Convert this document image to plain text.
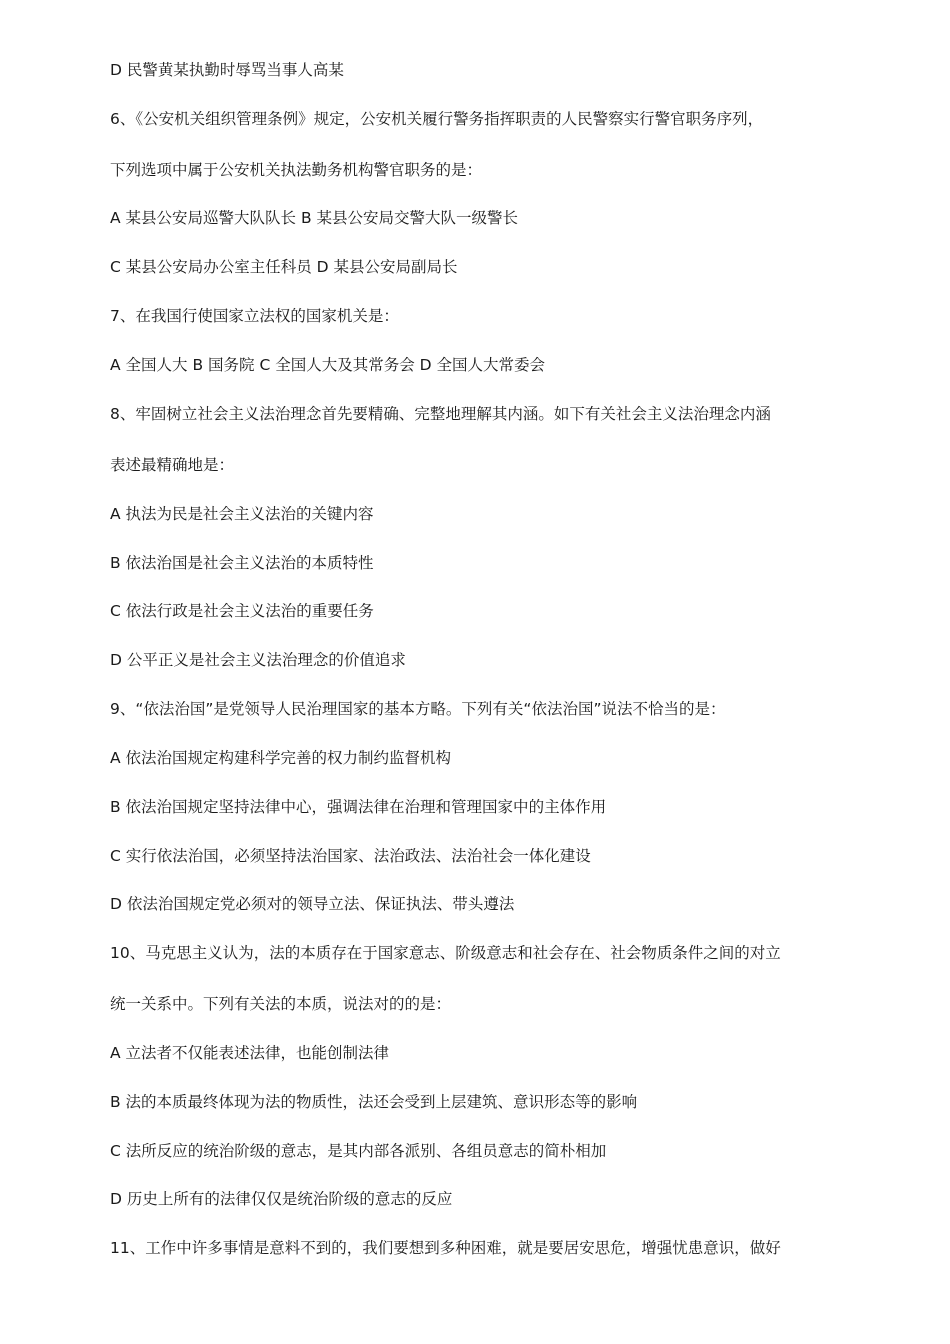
D 民警黄某执勤时辱骂当事人高某
6、《公安机关组织管理条例》规定，公安机关履行警务指挥职责的人民警察实行警官职务序列，
下列选项中属于公安机关执法勤务机构警官职务的是：
A 某县公安局巡警大队队长 B 某县公安局交警大队一级警长
C 某县公安局办公室主任科员 D 某县公安局副局长
7、在我国行使国家立法权的国家机关是：
A 全国人大 B 国务院 C 全国人大及其常务会 D 全国人大常委会
8、牢固树立社会主义法治理念首先要精确、完整地理解其内涵。如下有关社会主义法治理念内涵
表述最精确地是：
A 执法为民是社会主义法治的关键内容
B 依法治国是社会主义法治的本质特性
C 依法行政是社会主义法治的重要任务
D 公平正义是社会主义法治理念的价值追求
9、“依法治国”是党领导人民治理国家的基本方略。下列有关“依法治国”说法不恰当的是：
A 依法治国规定构建科学完善的权力制约监督机构
B 依法治国规定坚持法律中心，强调法律在治理和管理国家中的主体作用
C 实行依法治国，必须坚持法治国家、法治政法、法治社会一体化建设
D 依法治国规定党必须对的领导立法、保证执法、带头遵法
10、马克思主义认为，法的本质存在于国家意志、阶级意志和社会存在、社会物质条件之间的对立
统一关系中。下列有关法的本质，说法对的的是：
A 立法者不仅能表述法律，也能创制法律
B 法的本质最终体现为法的物质性，法还会受到上层建筑、意识形态等的影响
C 法所反应的统治阶级的意志，是其内部各派别、各组员意志的简朴相加
D 历史上所有的法律仅仅是统治阶级的意志的反应
11、工作中许多事情是意料不到的，我们要想到多种困难，就是要居安思危，增强忧患意识，做好
